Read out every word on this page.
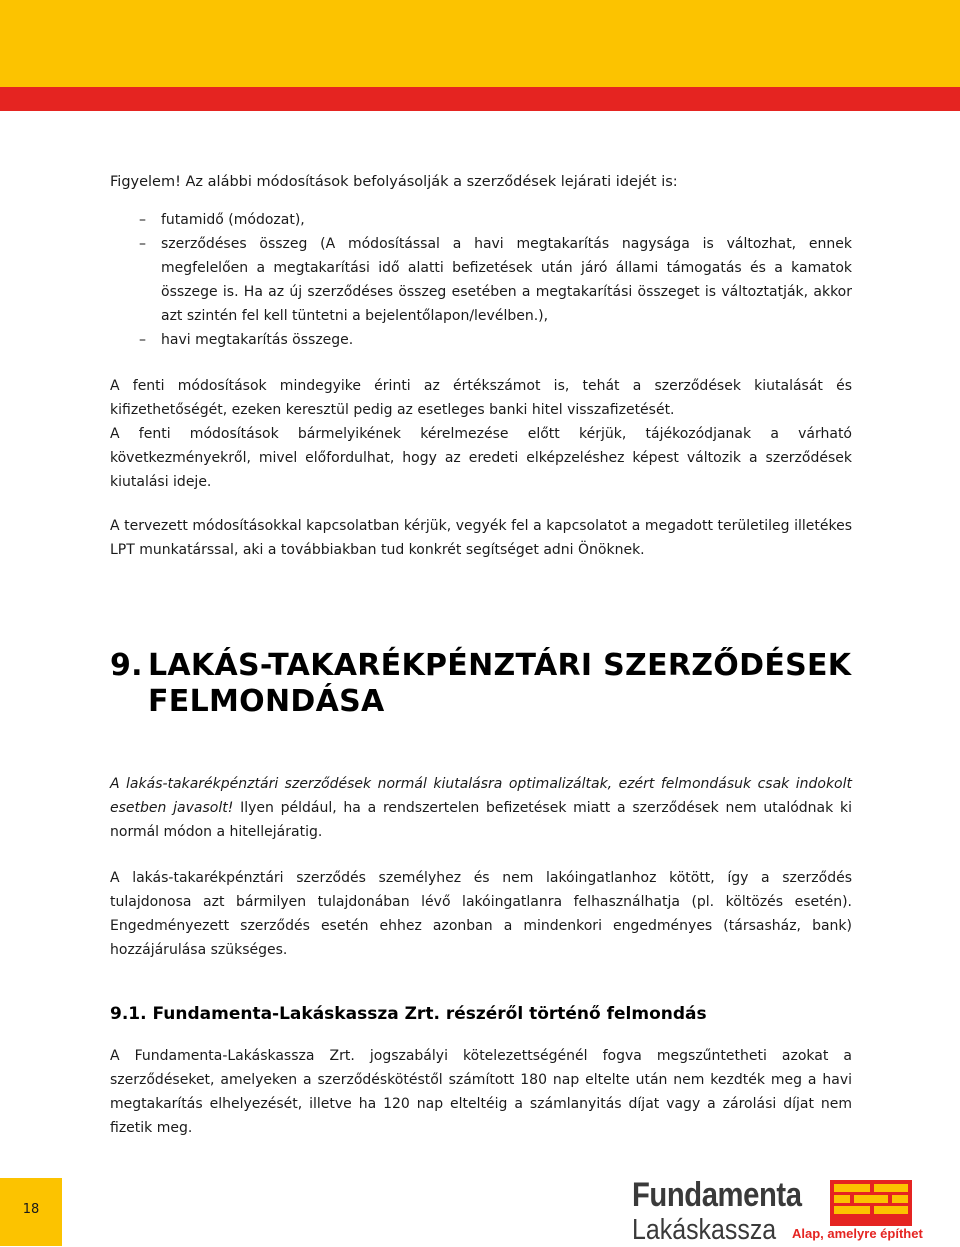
Figyelem! Az alábbi módosítások befolyásolják a szerződések lejárati idejét is:

– futamidő (módozat),
– szerződéses összeg (A módosítással a havi megtakarítás nagysága is változhat, ennek megfelelően a megtakarítási idő alatti befizetések után járó állami támogatás és a kamatok összege is. Ha az új szerződéses összeg esetében a megtakarítási összeget is változtatják, akkor azt szintén fel kell tüntetni a bejelentőlapon/levélben.),
– havi megtakarítás összege.

A fenti módosítások mindegyike érinti az értékszámot is, tehát a szerződések kiutalását és kifizethetőségét, ezeken keresztül pedig az esetleges banki hitel visszafizetését.

A fenti módosítások bármelyikének kérelmezése előtt kérjük, tájékozódjanak a várható következményekről, mivel előfordulhat, hogy az eredeti elképzeléshez képest változik a szerződések kiutalási ideje.

A tervezett módosításokkal kapcsolatban kérjük, vegyék fel a kapcsolatot a megadott területileg illetékes LPT munkatárssal, aki a továbbiakban tud konkrét segítséget adni Önöknek.

9. LAKÁS-TAKARÉKPÉNZTÁRI SZERZŐDÉSEK
FELMONDÁSA

A lakás-takarékpénztári szerződések normál kiutalásra optimalizáltak, ezért felmondásuk csak indokolt esetben javasolt! Ilyen például, ha a rendszertelen befizetések miatt a szerződések nem utalódnak ki normál módon a hitellejáratig.

A lakás-takarékpénztári szerződés személyhez és nem lakóingatlanhoz kötött, így a szerződés tulajdonosa azt bármilyen tulajdonában lévő lakóingatlanra felhasználhatja (pl. költözés esetén). Engedményezett szerződés esetén ehhez azonban a mindenkori engedményes (társasház, bank) hozzájárulása szükséges.

9.1. Fundamenta-Lakáskassza Zrt. részéről történő felmondás

A Fundamenta-Lakáskassza Zrt. jogszabályi kötelezettségénél fogva megszűntetheti azokat a szerződéseket, amelyeken a szerződéskötéstől számított 180 nap eltelte után nem kezdték meg a havi megtakarítás elhelyezését, illetve ha 120 nap elteltéig a számlanyitás díjat vagy a zárolási díjat nem fizetik meg.

18	Fundamenta
Lakáskassza Alap, amelyre építhet
